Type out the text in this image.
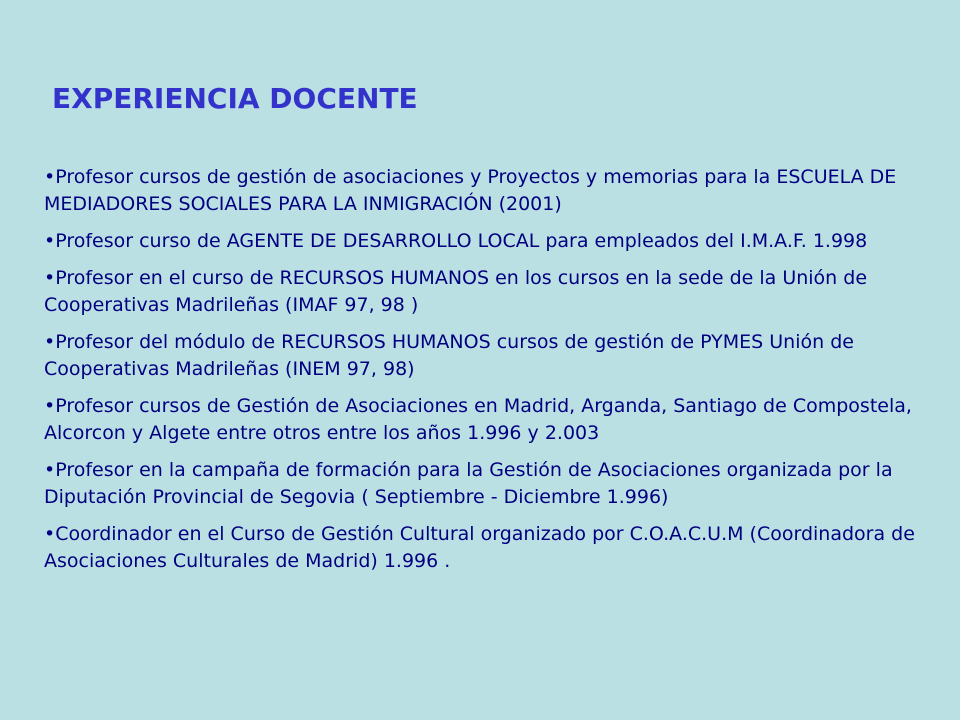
EXPERIENCIA DOCENTE
•Profesor cursos de gestión de asociaciones y Proyectos y memorias para la ESCUELA DE MEDIADORES SOCIALES PARA LA INMIGRACIÓN (2001)
•Profesor curso de AGENTE DE DESARROLLO LOCAL para empleados del I.M.A.F. 1.998
•Profesor en el curso de RECURSOS HUMANOS en los cursos en la sede de la Unión de Cooperativas Madrileñas (IMAF 97, 98 )
•Profesor del módulo de RECURSOS HUMANOS cursos de gestión de PYMES Unión de Cooperativas Madrileñas (INEM 97, 98)
•Profesor cursos de Gestión de Asociaciones en Madrid, Arganda, Santiago de Compostela, Alcorcon y Algete entre otros entre los años 1.996 y 2.003
•Profesor en la campaña de formación para la Gestión de Asociaciones organizada por la Diputación Provincial de Segovia ( Septiembre - Diciembre 1.996)
•Coordinador en el Curso de Gestión Cultural organizado por C.O.A.C.U.M (Coordinadora de Asociaciones Culturales de Madrid) 1.996 .
